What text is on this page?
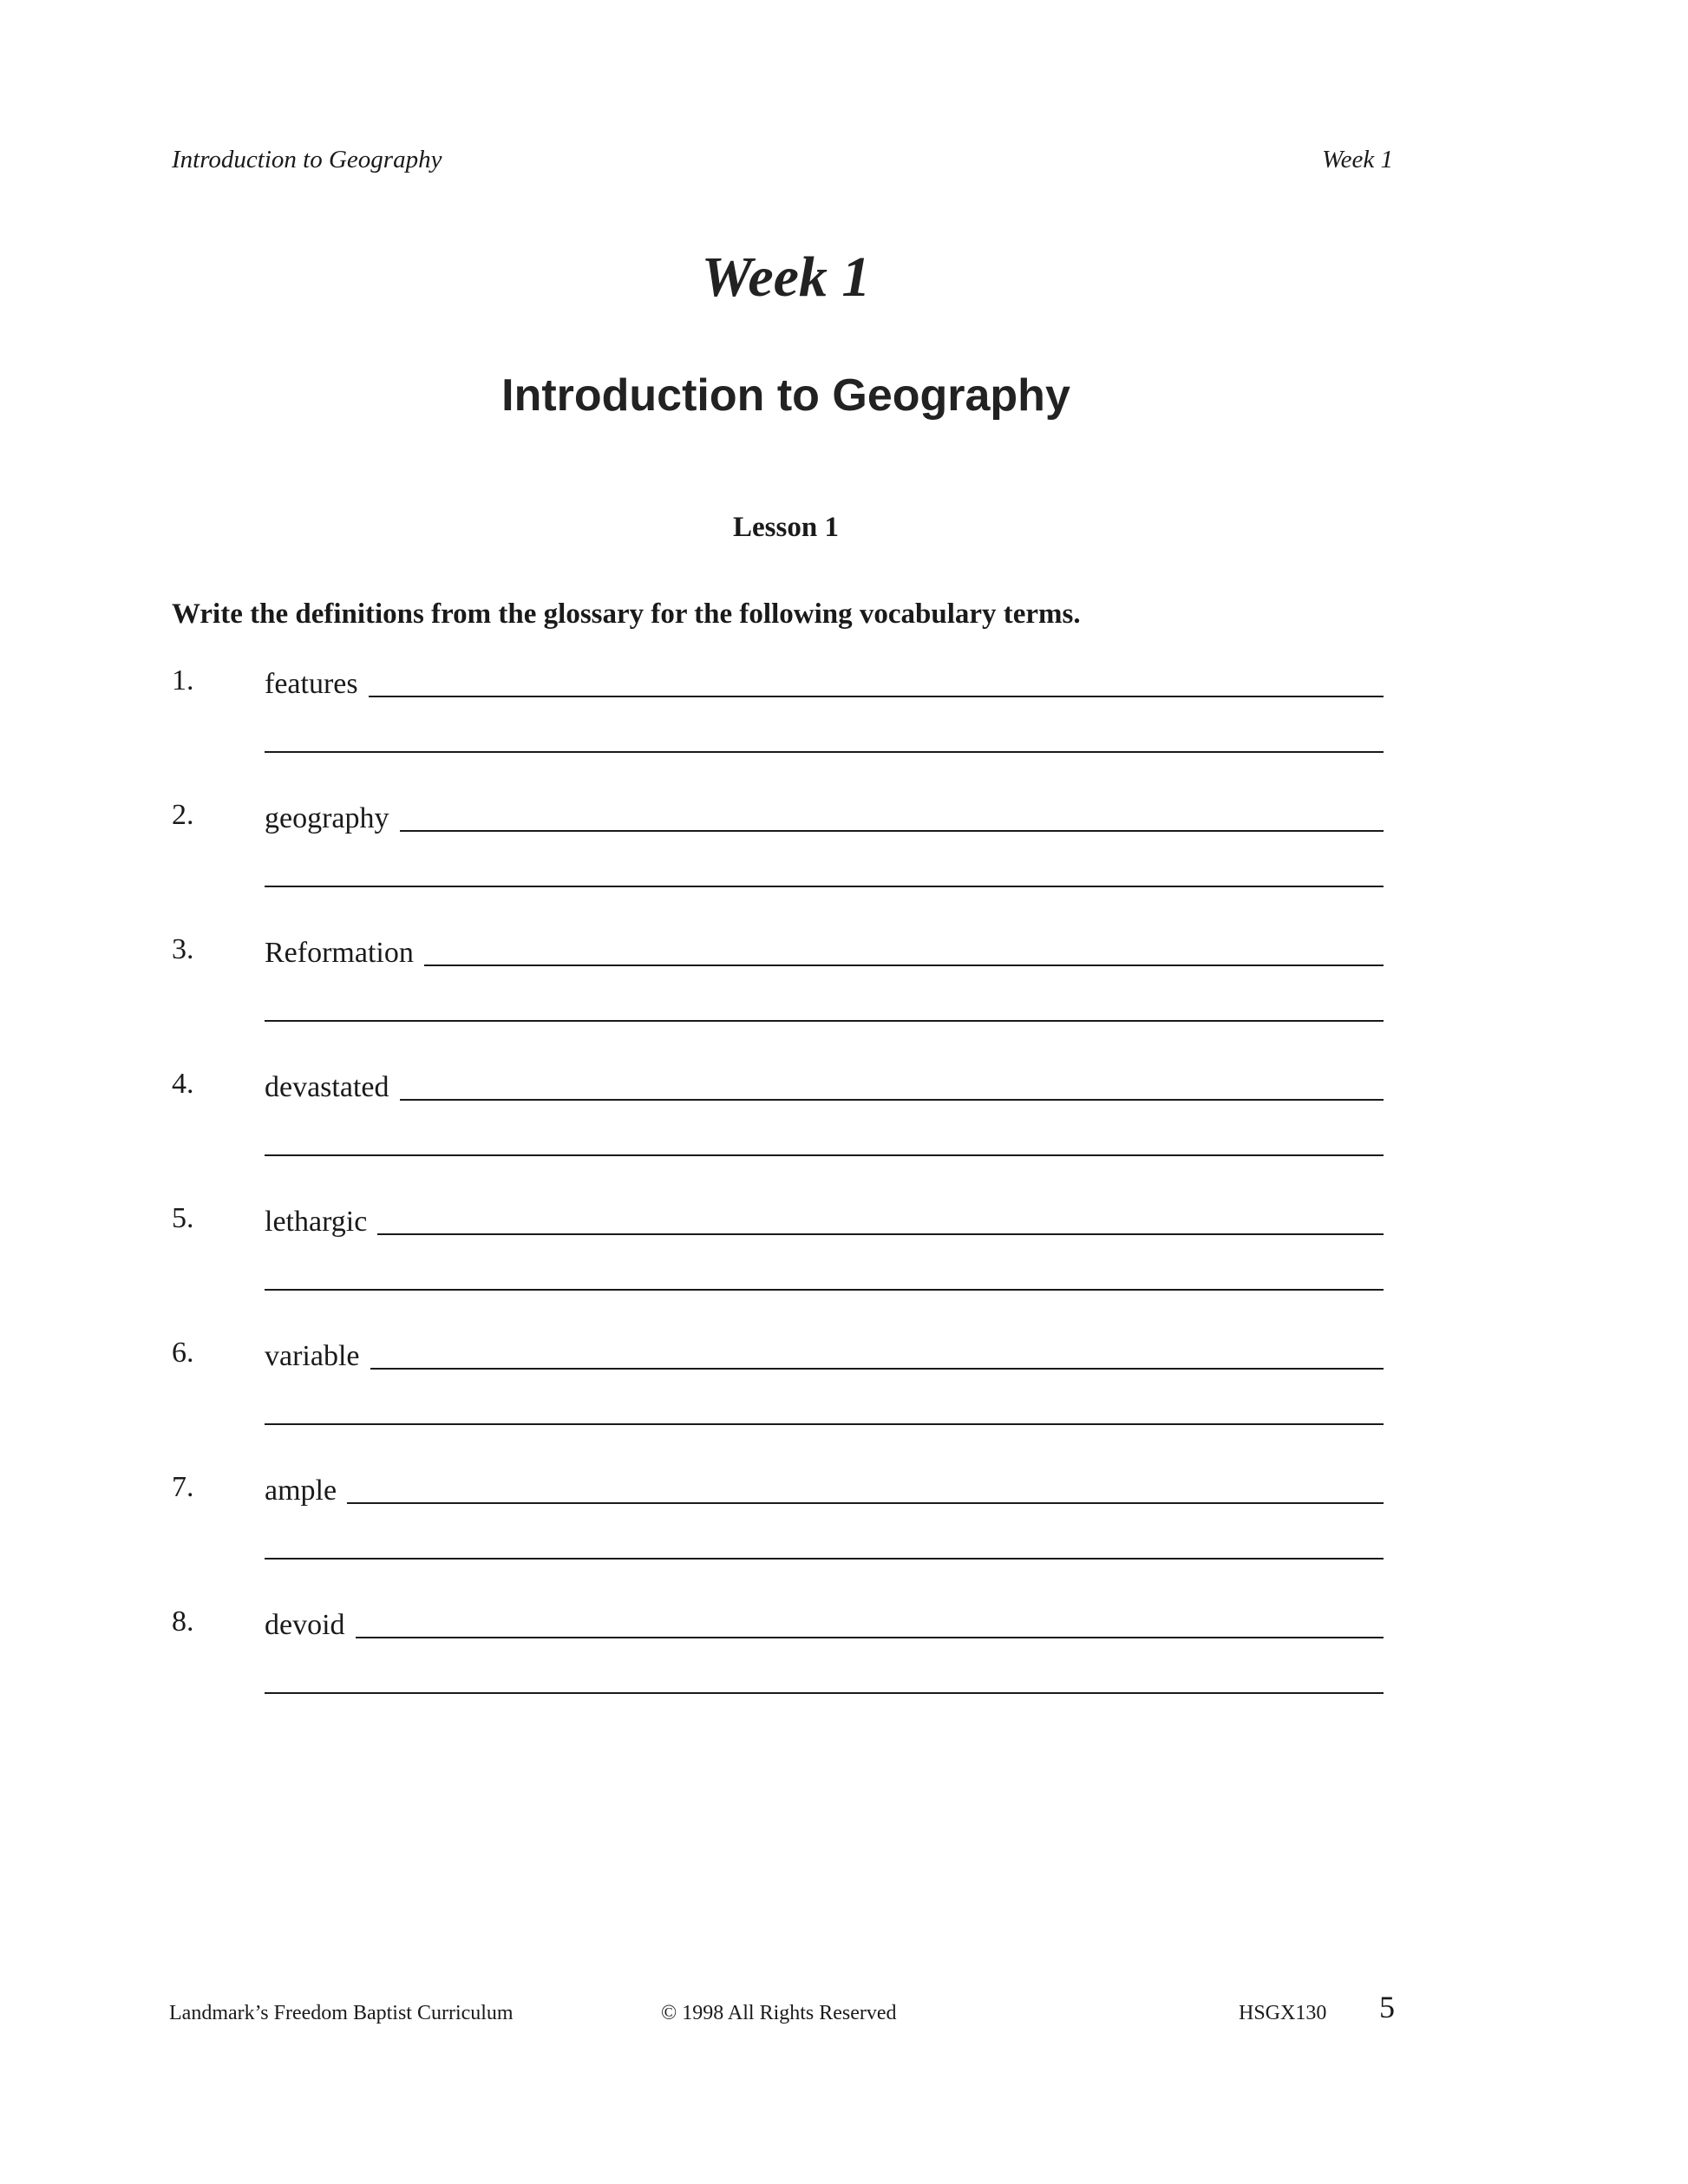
Introduction to Geography	Week 1
Week 1
Introduction to Geography
Lesson 1
Write the definitions from the glossary for the following vocabulary terms.
1. features
2. geography
3. Reformation
4. devastated
5. lethargic
6. variable
7. ample
8. devoid
Landmark’s Freedom Baptist Curriculum	© 1998 All Rights Reserved	HSGX130 5
